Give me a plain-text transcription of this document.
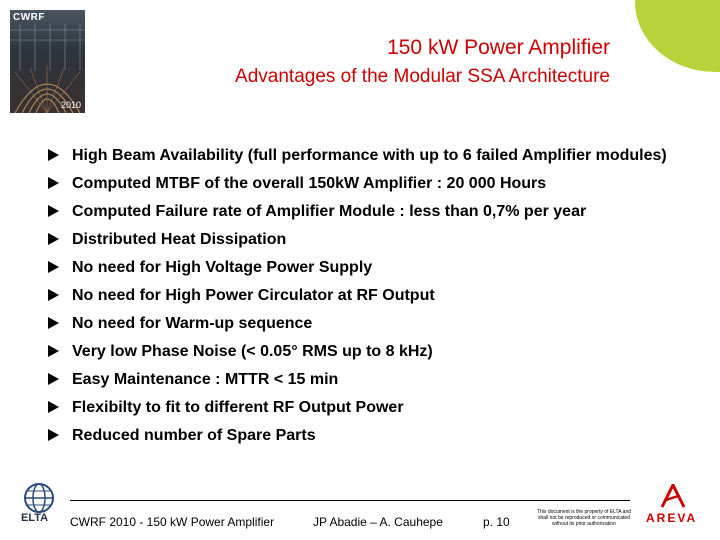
CWRF
2010
150 kW Power Amplifier
Advantages of the Modular SSA Architecture
High Beam Availability (full performance with up to 6 failed Amplifier modules)
Computed MTBF of the overall 150kW Amplifier : 20 000 Hours
Computed Failure rate of Amplifier Module : less than 0,7% per year
Distributed Heat Dissipation
No need for High Voltage Power Supply
No need for High Power Circulator at RF Output
No need for Warm-up sequence
Very low Phase Noise (< 0.05° RMS up to 8 kHz)
Easy Maintenance : MTTR < 15 min
Flexibilty to fit to different RF Output Power
Reduced number of Spare Parts
ELTA CWRF 2010 - 150 kW Power Amplifier	JP Abadie – A. Cauhepe	p. 10
This document is the property of ELTA and shall not be reproduced or communicated without its prior authorization	AREVA
